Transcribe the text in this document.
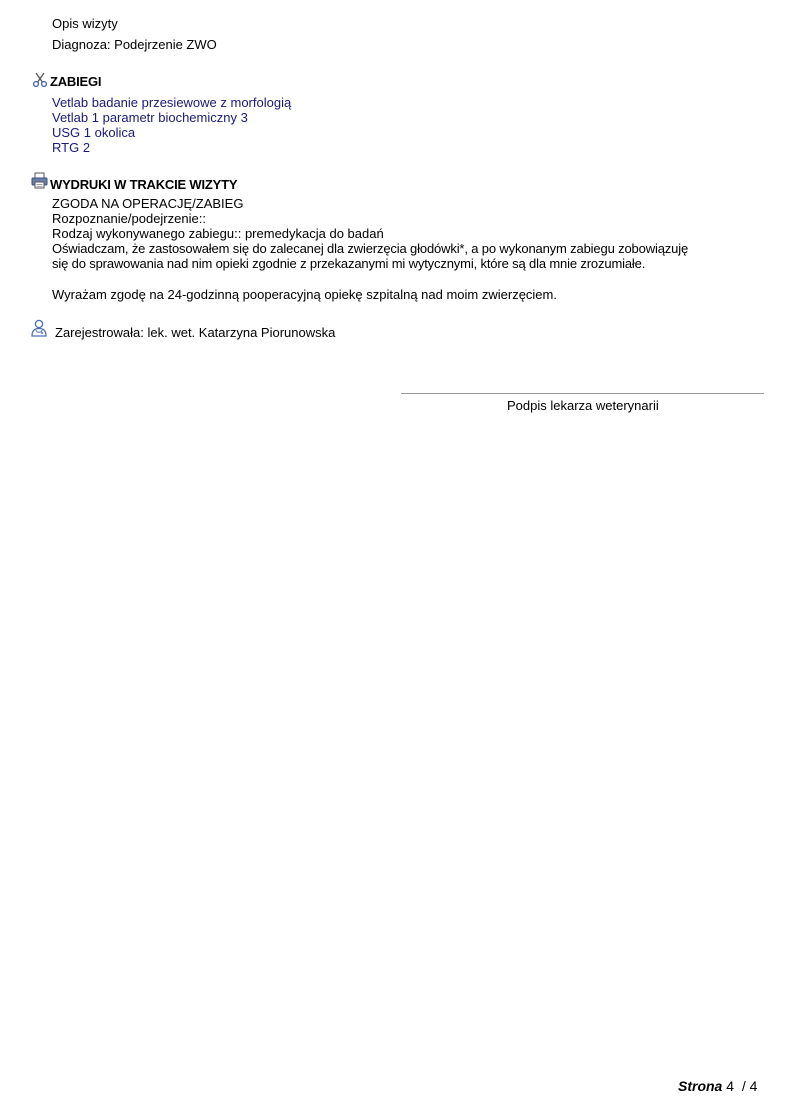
Opis wizyty
Diagnoza: Podejrzenie ZWO
ZABIEGI
Vetlab badanie przesiewowe z morfologią
Vetlab 1 parametr biochemiczny 3
USG 1 okolica
RTG 2
WYDRUKI W TRAKCIE WIZYTY
ZGODA NA OPERACJĘ/ZABIEG
Rozpoznanie/podejrzenie::
Rodzaj wykonywanego zabiegu:: premedykacja do badań
Oświadczam, że zastosowałem się do zalecanej dla zwierzęcia głodówki*, a po wykonanym zabiegu zobowiązuję
się do sprawowania nad nim opieki zgodnie z przekazanymi mi wytycznymi, które są dla mnie zrozumiałe.
Wyrażam zgodę na 24-godzinną pooperacyjną opiekę szpitalną nad moim zwierzęciem.
Zarejestrowała: lek. wet. Katarzyna Piorunowska
Podpis lekarza weterynarii
Strona 4 / 4
